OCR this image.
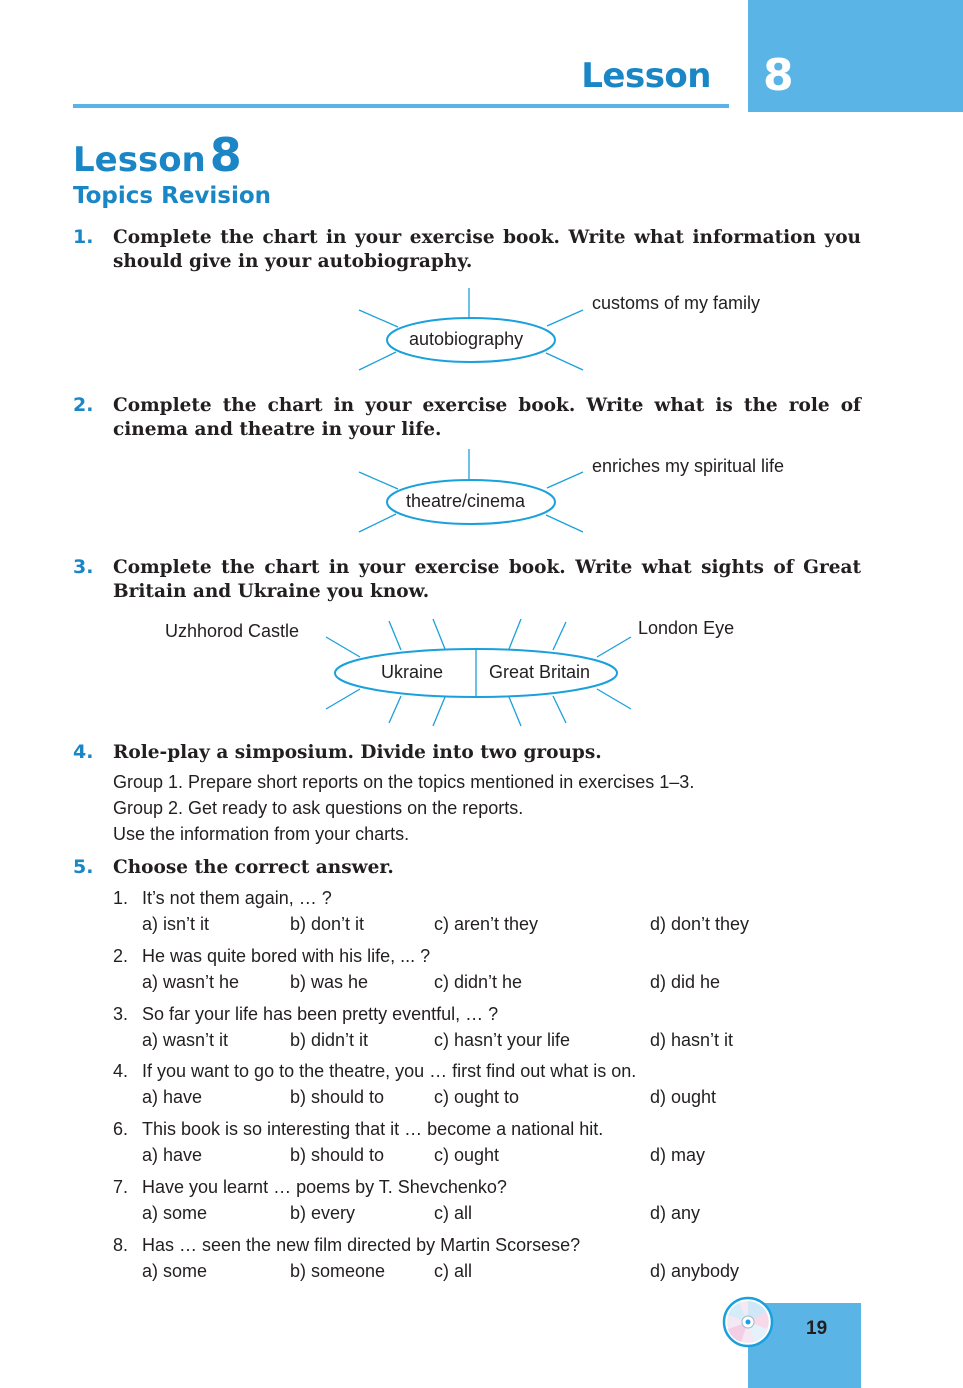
Lesson 8
Lesson8
Topics Revision
1. Complete the chart in your exercise book. Write what information you should give in your autobiography.
autobiography
customs of my family
2. Complete the chart in your exercise book. Write what is the role of cinema and theatre in your life.
theatre/cinema
enriches my spiritual life
3. Complete the chart in your exercise book. Write what sights of Great Britain and Ukraine you know.
Ukraine	Great Britain
Uzhhorod Castle	London Eye
4. Role-play a simposium. Divide into two groups.
Group 1. Prepare short reports on the topics mentioned in exercises 1–3.
Group 2. Get ready to ask questions on the reports.
Use the information from your charts.
5. Choose the correct answer.
1. It’s not them again, … ?
a) isn’t it	b) don’t it	c) aren’t they	d) don’t they
2. He was quite bored with his life, ... ?
a) wasn’t he	b) was he	c) didn’t he	d) did he
3. So far your life has been pretty eventful, … ?
a) wasn’t it	b) didn’t it	c) hasn’t your life	d) hasn’t it
4. If you want to go to the theatre, you … first find out what is on.
a) have	b) should to	c) ought to	d) ought
6. This book is so interesting that it … become a national hit.
a) have	b) should to	c) ought	d) may
7. Have you learnt … poems by T. Shevchenko?
a) some	b) every	c) all	d) any
8. Has … seen the new film directed by Martin Scorsese?
a) some	b) someone	c) all	d) anybody
19
